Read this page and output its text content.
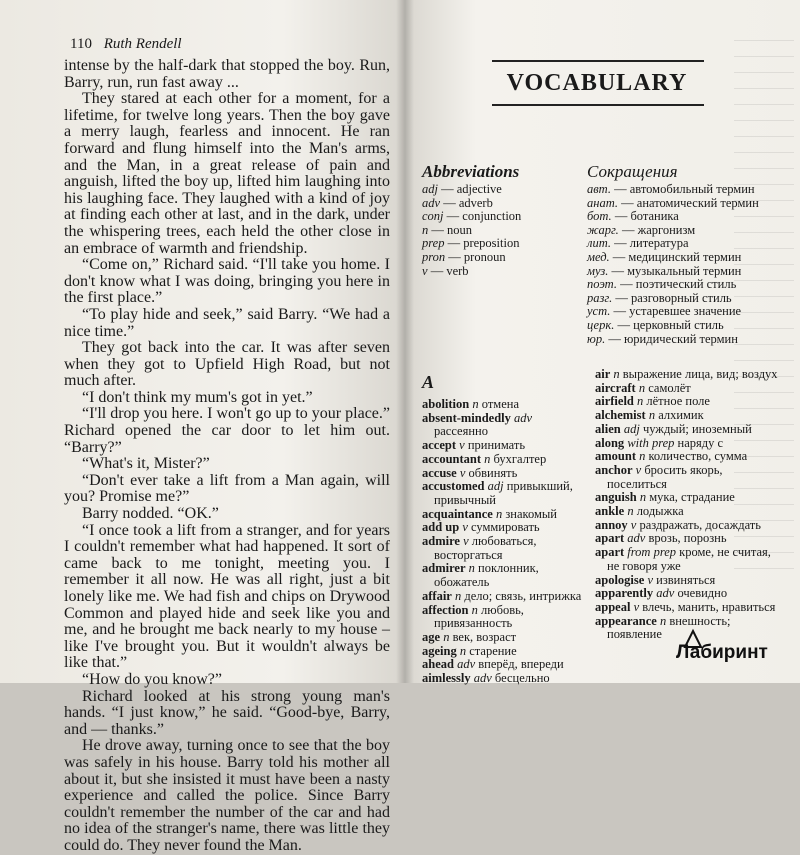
110 Ruth Rendell

intense by the half-dark that stopped the boy. Run, Barry, run, run fast away ...

They stared at each other for a moment, for a lifetime, for twelve long years. Then the boy gave a merry laugh, fearless and innocent. He ran forward and flung himself into the Man's arms, and the Man, in a great release of pain and anguish, lifted the boy up, lifted him laughing into his laughing face. They laughed with a kind of joy at finding each other at last, and in the dark, under the whispering trees, each held the other close in an embrace of warmth and friendship.

“Come on,” Richard said. “I'll take you home. I don't know what I was doing, bringing you here in the first place.”

“To play hide and seek,” said Barry. “We had a nice time.”

They got back into the car. It was after seven when they got to Upfield High Road, but not much after.

“I don't think my mum's got in yet.”

“I'll drop you here. I won't go up to your place.” Richard opened the car door to let him out. “Barry?”

“What's it, Mister?”

“Don't ever take a lift from a Man again, will you? Promise me?”

Barry nodded. “OK.”

“I once took a lift from a stranger, and for years I couldn't remember what had happened. It sort of came back to me tonight, meeting you. I remember it all now. He was all right, just a bit lonely like me. We had fish and chips on Drywood Common and played hide and seek like you and me, and he brought me back nearly to my house – like I've brought you. But it wouldn't always be like that.”

“How do you know?”

Richard looked at his strong young man's hands. “I just know,” he said. “Good-bye, Barry, and — thanks.”

He drove away, turning once to see that the boy was safely in his house. Barry told his mother all about it, but she insisted it must have been a nasty experience and called the police. Since Barry couldn't remember the number of the car and had no idea of the stranger's name, there was little they could do. They never found the Man.

VOCABULARY
Abbreviations
adj — adjective
adv — adverb
conj — conjunction
n — noun
prep — preposition
pron — pronoun
v — verb
Сокращения
авт. — автомобильный термин
анат. — анатомический термин
бот. — ботаника
жарг. — жаргонизм
лит. — литература
мед. — медицинский термин
муз. — музыкальный термин
поэт. — поэтический стиль
разг. — разговорный стиль
уст. — устаревшее значение
церк. — церковный стиль
юр. — юридический термин
A
abolition n отмена
absent-mindedly adv рассеянно
accept v принимать
accountant n бухгалтер
accuse v обвинять
accustomed adj привыкший, привычный
acquaintance n знакомый
add up v суммировать
admire v любоваться, восторгаться
admirer n поклонник, обожатель
affair n дело; связь, интрижка
affection n любовь, привязанность
age n век, возраст
ageing n старение
ahead adv вперёд, впереди
aimlessly adv бесцельно
air n выражение лица, вид; воздух
aircraft n самолёт
airfield n лётное поле
alchemist n алхимик
alien adj чуждый; иноземный
along with prep наряду с
amount n количество, сумма
anchor v бросить якорь, поселиться
anguish n мука, страдание
ankle n лодыжка
annoy v раздражать, досаждать
apart adv врозь, порознь
apart from prep кроме, не считая, не говоря уже
apologise v извиняться
apparently adv очевидно
appeal v влечь, манить, нравиться
appearance n внешность; появление
Лабиринт
